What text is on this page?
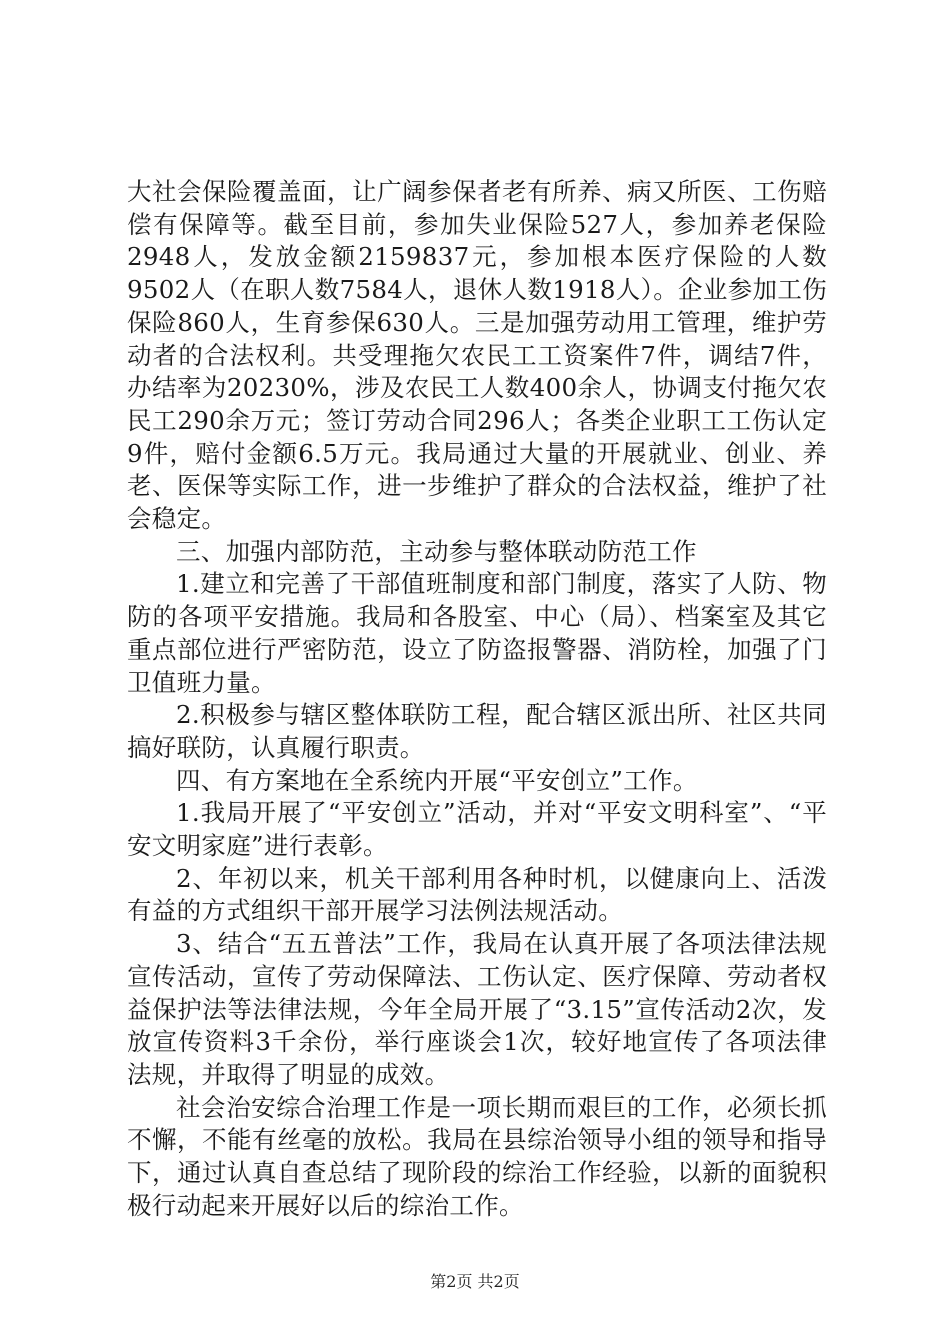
大社会保险覆盖面，让广阔参保者老有所养、病又所医、工伤赔偿有保障等。截至目前，参加失业保险527人，参加养老保险2948人，发放金额2159837元，参加根本医疗保险的人数9502人（在职人数7584人，退休人数1918人）。企业参加工伤保险860人，生育参保630人。三是加强劳动用工管理，维护劳动者的合法权利。共受理拖欠农民工工资案件7件，调结7件，办结率为20230%，涉及农民工人数400余人，协调支付拖欠农民工290余万元；签订劳动合同296人；各类企业职工工伤认定9件，赔付金额6.5万元。我局通过大量的开展就业、创业、养老、医保等实际工作，进一步维护了群众的合法权益，维护了社会稳定。

三、加强内部防范，主动参与整体联动防范工作

1.建立和完善了干部值班制度和部门制度，落实了人防、物防的各项平安措施。我局和各股室、中心（局）、档案室及其它重点部位进行严密防范，设立了防盗报警器、消防栓，加强了门卫值班力量。

2.积极参与辖区整体联防工程，配合辖区派出所、社区共同搞好联防，认真履行职责。

四、有方案地在全系统内开展“平安创立”工作。

1.我局开展了“平安创立”活动，并对“平安文明科室”、“平安文明家庭”进行表彰。

2、年初以来，机关干部利用各种时机，以健康向上、活泼有益的方式组织干部开展学习法例法规活动。

3、结合“五五普法”工作，我局在认真开展了各项法律法规宣传活动，宣传了劳动保障法、工伤认定、医疗保障、劳动者权益保护法等法律法规，今年全局开展了“3.15”宣传活动2次，发放宣传资料3千余份，举行座谈会1次，较好地宣传了各项法律法规，并取得了明显的成效。

社会治安综合治理工作是一项长期而艰巨的工作，必须长抓不懈，不能有丝毫的放松。我局在县综治领导小组的领导和指导下，通过认真自查总结了现阶段的综治工作经验，以新的面貌积极行动起来开展好以后的综治工作。

第2页 共2页
